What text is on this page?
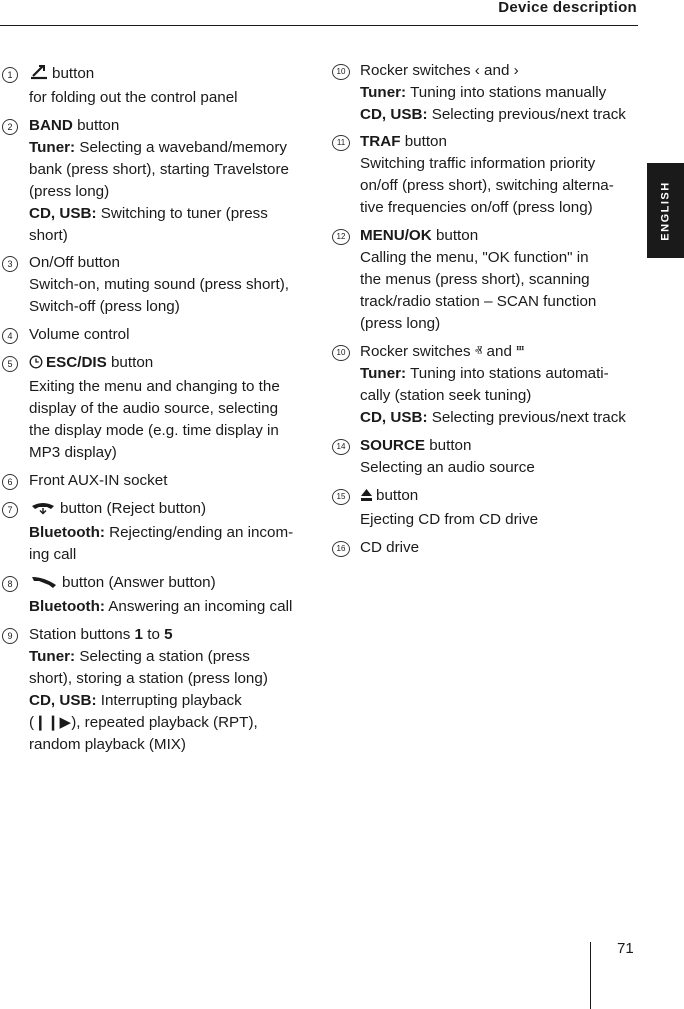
Device description
ENGLISH
1	button
for folding out the control panel
2	BAND button
Tuner: Selecting a waveband/memory
bank (press short), starting Travelstore
(press long)
CD, USB: Switching to tuner (press
short)
3	On/Off button
Switch-on, muting sound (press short),
Switch-off (press long)
4	Volume control
5	ESC/DIS button
Exiting the menu and changing to the
display of the audio source, selecting
the display mode (e.g. time display in
MP3 display)
6	Front AUX-IN socket
7	button (Reject button)
Bluetooth: Rejecting/ending an incom-
ing call
8	button (Answer button)
Bluetooth: Answering an incoming call
9	Station buttons 1 to 5
Tuner: Selecting a station (press
short), storing a station (press long)
CD, USB: Interrupting playback
(❙❙▶), repeated playback (RPT),
random playback (MIX)
10 Rocker switches ‹ and ›
Tuner: Tuning into stations manually
CD, USB: Selecting previous/next track
11 TRAF button
Switching traffic information priority
on/off (press short), switching alterna-
tive frequencies on/off (press long)
12 MENU/OK button
Calling the menu, "OK function" in
the menus (press short), scanning
track/radio station – SCAN function
(press long)
10 Rocker switches ⱏ and ⱎ
Tuner: Tuning into stations automati-
cally (station seek tuning)
CD, USB: Selecting previous/next track
14 SOURCE button
Selecting an audio source
15	button
Ejecting CD from CD drive
16 CD drive
71
